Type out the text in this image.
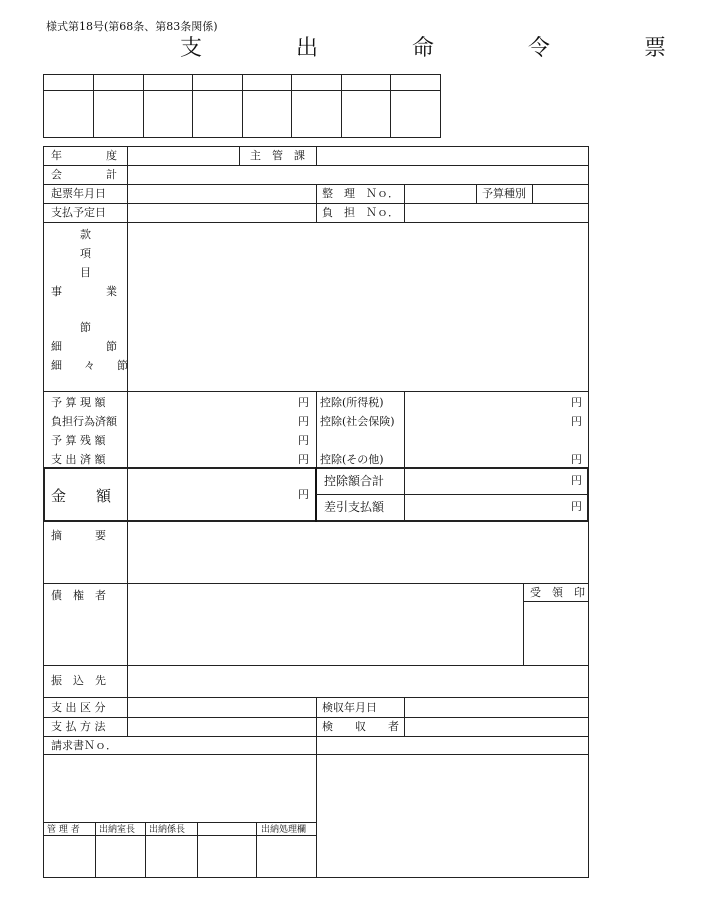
様式第18号(第68条、第83条関係)
支　出　命　令　票
年　　　　度	主　管　課
会　　　　計
起票年月日	整　理　Ｎｏ．	予算種別
支払予定日	負　担　Ｎｏ．
款
項
目
事　　　　業
節
細　　　　節
細　　々　　節
予 算 現 額	円 控除(所得税)	円
負担行為済額	円 控除(社会保険)	円
予 算 残 額	円
支 出 済 額	円 控除(その他)	円
金　　額	円
控除額合計	円
差引支払額	円
摘　　　要
債　権　者	受　領　印
振　込　先
支 出 区 分	検収年月日
支 払 方 法	検　　収　　者
請求書Ｎｏ．
管 理 者 出納室長 出納係長	出納処理欄
